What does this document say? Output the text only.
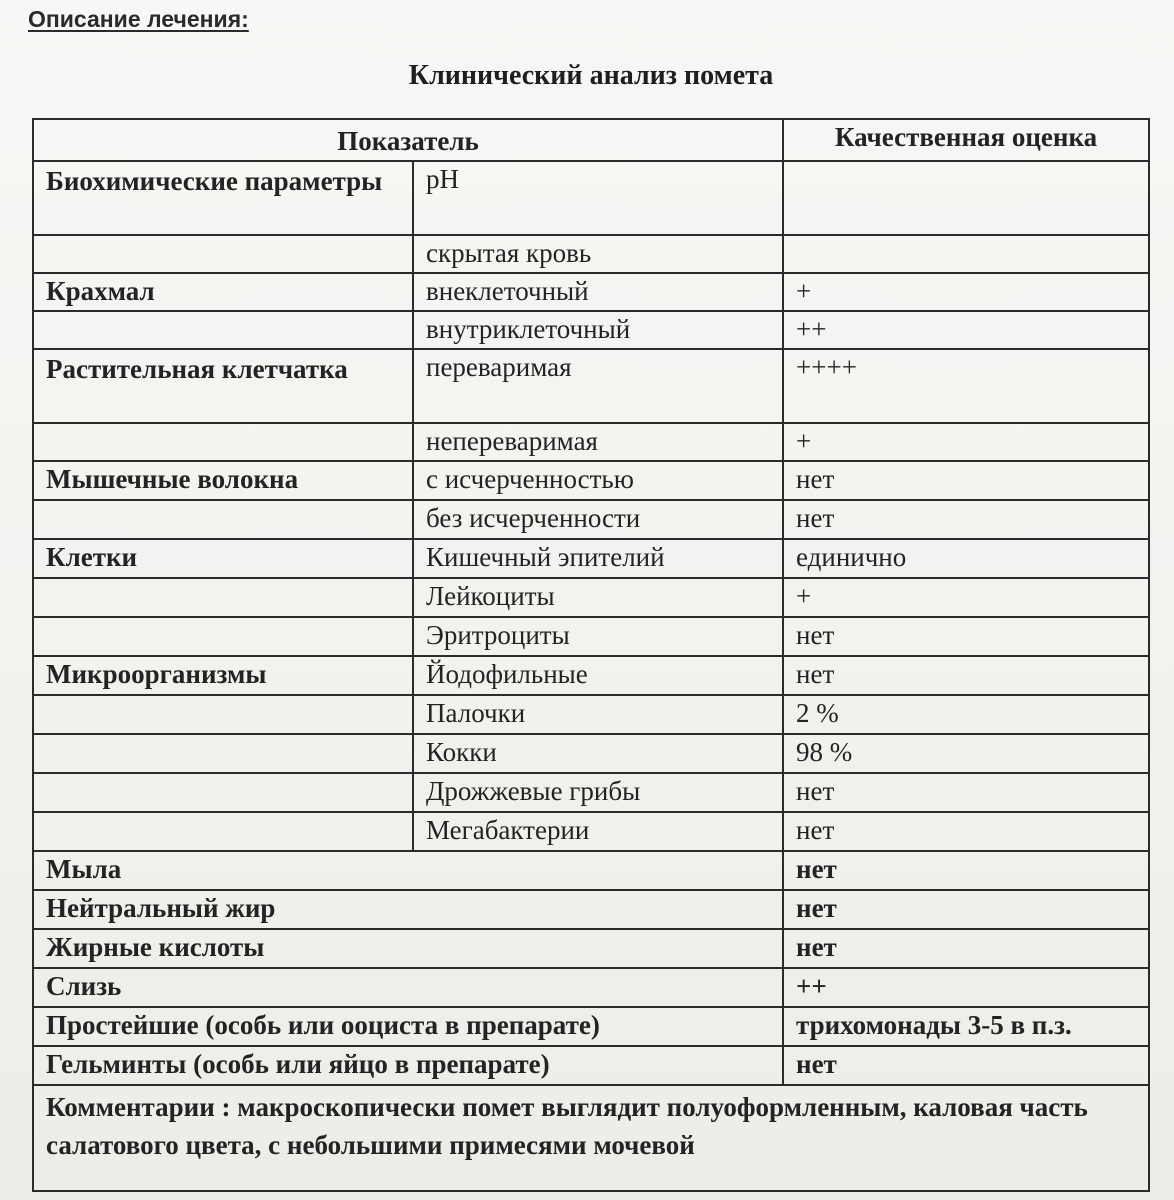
Описание лечения:
Клинический анализ помета
Показатель		Качественная оценка
Биохимические параметры	pH	
	скрытая кровь	
Крахмал	внеклеточный	+
	внутриклеточный	++
Растительная клетчатка	переваримая	++++
	непереваримая	+
Мышечные волокна	с исчерченностью	нет
	без исчерченности	нет
Клетки	Кишечный эпителий	единично
	Лейкоциты	+
	Эритроциты	нет
Микроорганизмы	Йодофильные	нет
	Палочки	2 %
	Кокки	98 %
	Дрожжевые грибы	нет
	Мегабактерии	нет
Мыла		нет
Нейтральный жир		нет
Жирные кислоты		нет
Слизь		++
Простейшие (особь или ооциста в препарате)		трихомонады 3-5 в п.з.
Гельминты (особь или яйцо в препарате)		нет
Комментарии : макроскопически помет выглядит полуоформленным, каловая часть салатового цвета, с небольшими примесями мочевой		
